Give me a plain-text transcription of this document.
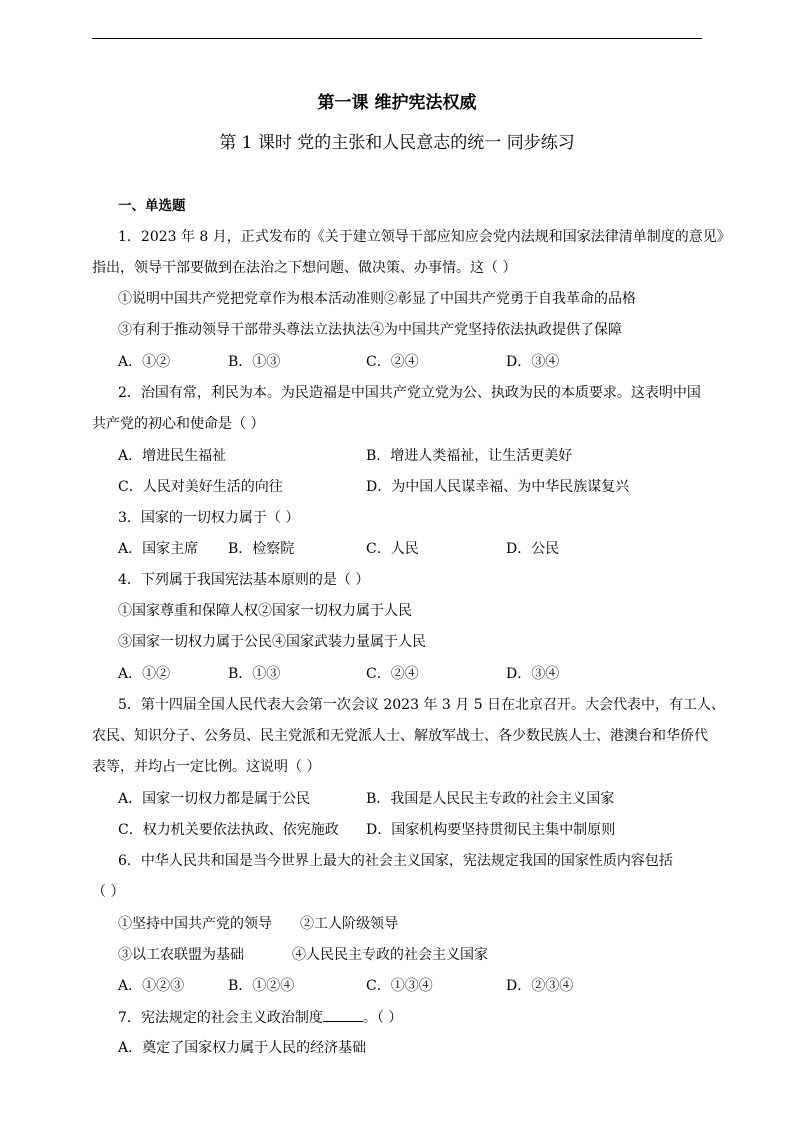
第一课 维护宪法权威
第 1 课时 党的主张和人民意志的统一 同步练习
一、单选题
1．2023 年 8 月，正式发布的《关于建立领导干部应知应会党内法规和国家法律清单制度的意见》
指出，领导干部要做到在法治之下想问题、做决策、办事情。这（ ）
①说明中国共产党把党章作为根本活动准则②彰显了中国共产党勇于自我革命的品格
③有利于推动领导干部带头尊法立法执法④为中国共产党坚持依法执政提供了保障
A．①②	B．①③	C．②④	D．③④
2．治国有常，利民为本。为民造福是中国共产党立党为公、执政为民的本质要求。这表明中国
共产党的初心和使命是（ ）
A．增进民生福祉	B．增进人类福祉，让生活更美好
C．人民对美好生活的向往	D．为中国人民谋幸福、为中华民族谋复兴
3．国家的一切权力属于（ ）
A．国家主席 B．检察院	C．人民	D．公民
4．下列属于我国宪法基本原则的是（ ）
①国家尊重和保障人权②国家一切权力属于人民
③国家一切权力属于公民④国家武装力量属于人民
A．①②	B．①③	C．②④	D．③④
5．第十四届全国人民代表大会第一次会议 2023 年 3 月 5 日在北京召开。大会代表中，有工人、
农民、知识分子、公务员、民主党派和无党派人士、解放军战士、各少数民族人士、港澳台和华侨代
表等，并均占一定比例。这说明（ ）
A．国家一切权力都是属于公民	B．我国是人民民主专政的社会主义国家
C．权力机关要依法执政、依宪施政 D．国家机构要坚持贯彻民主集中制原则
6．中华人民共和国是当今世界上最大的社会主义国家，宪法规定我国的国家性质内容包括
（ ）
①坚持中国共产党的领导 ②工人阶级领导
③以工农联盟为基础	④人民民主专政的社会主义国家
A．①②③	B．①②④	C．①③④	D．②③④
7．宪法规定的社会主义政治制度	。（ ）
A．奠定了国家权力属于人民的经济基础
